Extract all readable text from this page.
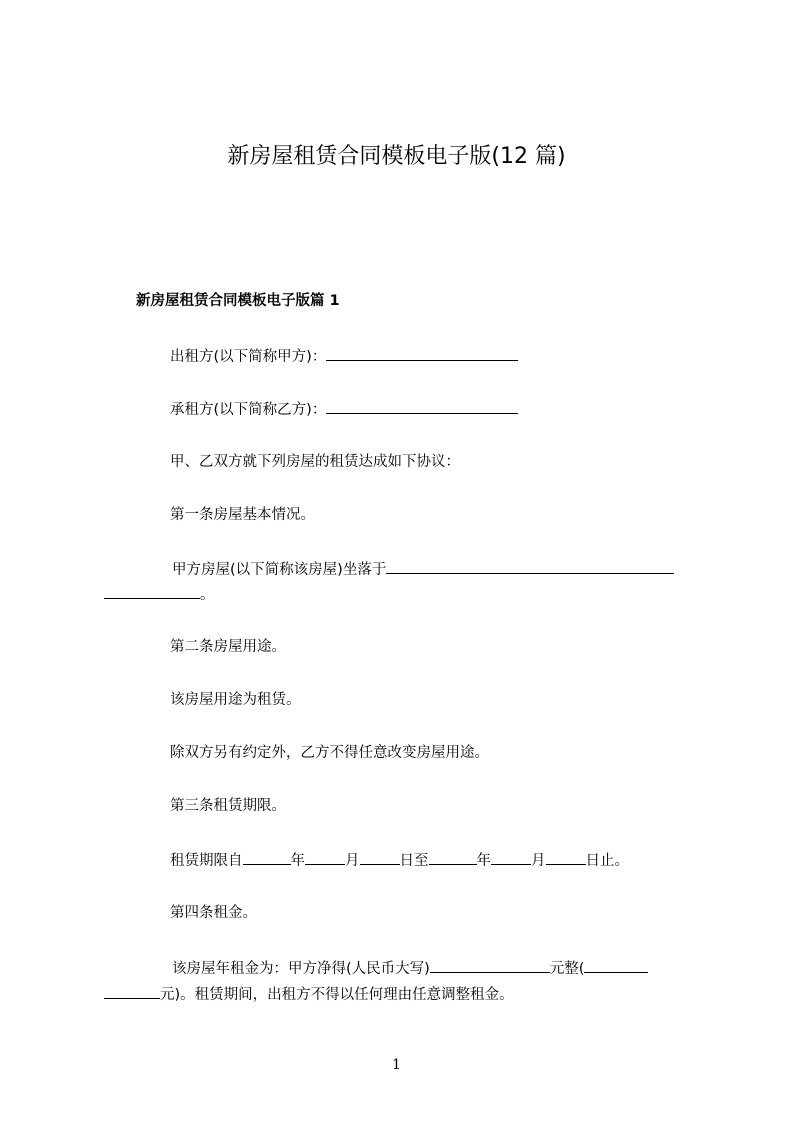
新房屋租赁合同模板电子版(12 篇)
新房屋租赁合同模板电子版篇 1
出租方(以下简称甲方)：
承租方(以下简称乙方)：
甲、乙双方就下列房屋的租赁达成如下协议：
第一条房屋基本情况。
甲方房屋(以下简称该房屋)坐落于
。
第二条房屋用途。
该房屋用途为租赁。
除双方另有约定外，乙方不得任意改变房屋用途。
第三条租赁期限。
租赁期限自	年	月	日至	年	月	日止。
第四条租金。
该房屋年租金为：甲方净得(人民币大写)	元整(
元)。租赁期间，出租方不得以任何理由任意调整租金。
1
